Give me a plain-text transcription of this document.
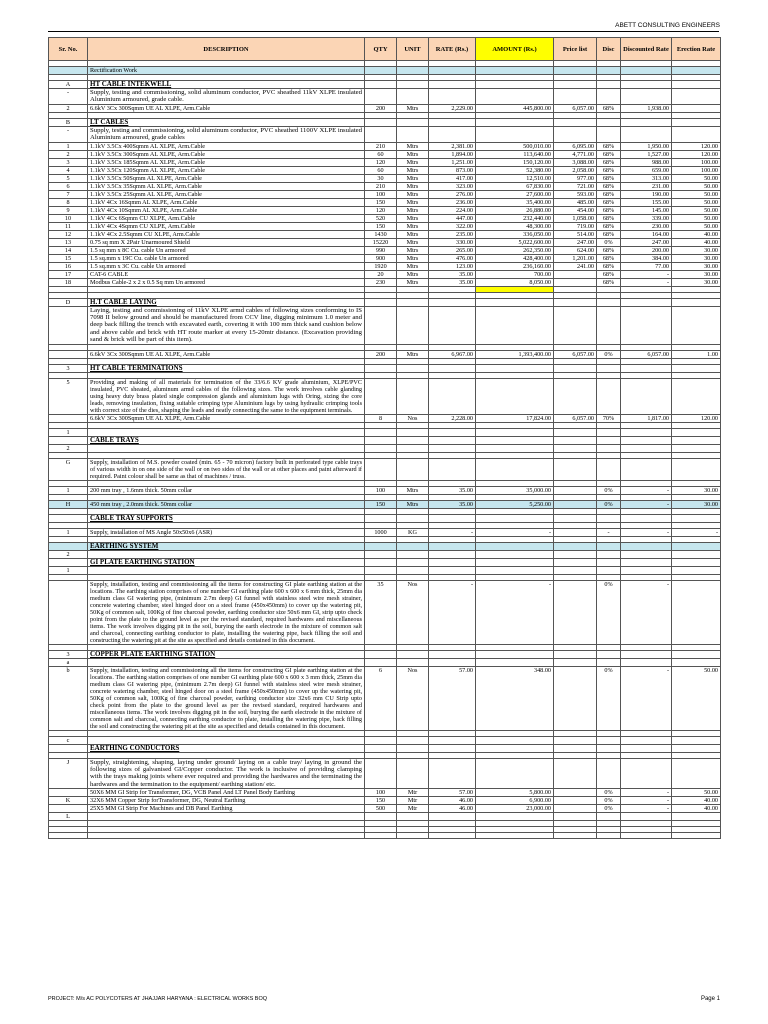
ABETT CONSULTING ENGINEERS
Sr. No.	DESCRIPTION	QTY	UNIT	RATE (Rs.)	AMOUNT (Rs.)	Price list	Disc	Discounted Rate	Erection Rate

	Rectification Work								

A	HT CABLE INTEKWELL								
-	Supply, testing and commissioning, solid aluminum conductor, PVC sheathed 11kV XLPE insulated Aluminium armoured, grade cable.								
2	6.6kV 3Cx 300Sqmm UE AL XLPE, Arm.Cable	200	Mtrs	2,229.00	445,800.00	6,057.00	68%	1,938.00	

B	LT CABLES								
-	Supply, testing and commissioning, solid aluminum conductor, PVC sheathed 1100V XLPE insulated Aluminium armoured, grade cables								
1	1.1kV 3.5Cx 400Sqmm AL XLPE, Arm.Cable	210	Mtrs	2,381.00	500,010.00	6,095.00	68%	1,950.00	120.00
2	1.1kV 3.5Cx 300Sqmm AL XLPE, Arm.Cable	60	Mtrs	1,894.00	113,640.00	4,771.00	68%	1,527.00	120.00
3	1.1kV 3.5Cx 185Sqmm AL XLPE, Arm.Cable	120	Mtrs	1,251.00	150,120.00	3,088.00	68%	988.00	100.00
4	1.1kV 3.5Cx 120Sqmm AL XLPE, Arm.Cable	60	Mtrs	873.00	52,380.00	2,058.00	68%	659.00	100.00
5	1.1kV 3.5Cx 50Sqmm AL XLPE, Arm.Cable	30	Mtrs	417.00	12,510.00	977.00	68%	313.00	50.00
6	1.1kV 3.5Cx 35Sqmm AL XLPE, Arm.Cable	210	Mtrs	323.00	67,830.00	721.00	68%	231.00	50.00
7	1.1kV 3.5Cx 25Sqmm AL XLPE, Arm.Cable	100	Mtrs	276.00	27,600.00	593.00	68%	190.00	50.00
8	1.1kV 4Cx 16Sqmm AL XLPE, Arm.Cable	150	Mtrs	236.00	35,400.00	485.00	68%	155.00	50.00
9	1.1kV 4Cx 10Sqmm AL XLPE, Arm.Cable	120	Mtrs	224.00	26,880.00	454.00	68%	145.00	50.00
10	1.1kV 4Cx 6Sqmm CU XLPE, Arm.Cable	520	Mtrs	447.00	232,440.00	1,058.00	68%	339.00	50.00
11	1.1kV 4Cx 4Sqmm CU XLPE, Arm.Cable	150	Mtrs	322.00	48,300.00	719.00	68%	230.00	50.00
12	1.1kV 4Cx 2.5Sqmm CU XLPE, Arm.Cable	1430	Mtrs	235.00	336,050.00	514.00	68%	164.00	40.00
13	0.75 sq mm X 2Pair Unarmoured Shield	15220	Mtrs	330.00	5,022,600.00	247.00	0%	247.00	40.00
14	1.5 sq mm x 8C Cu. cable Un armored	990	Mtrs	265.00	262,350.00	624.00	68%	200.00	30.00
15	1.5 sq.mm x 19C Cu. cable Un armored	900	Mtrs	476.00	428,400.00	1,201.00	68%	384.00	30.00
16	1.5 sq.mm x 3C Cu. cable Un armored	1920	Mtrs	123.00	236,160.00	241.00	68%	77.00	30.00
17	CAT-6 CABLE	20	Mtrs	35.00	700.00		68%	-	30.00
18	Modbus Cable-2 x 2 x 0.5 Sq mm Un armored	230	Mtrs	35.00	8,050.00		68%	-	30.00

D	H.T CABLE LAYING								
	Laying, testing and commissioning of 11kV XLPE armd cables of following sizes conforming to IS 7098 II below ground and should be manufactured from CCV line, digging minimum 1.0 meter and deep back filling the trench with excavated earth, covering it with 100 mm thick sand cushion below and above cable and brick with HT route marker at every 15-20mtr distance. (Excavation providing sand & brick will be part of this item).								

	6.6kV 3Cx 300Sqmm UE AL XLPE, Arm.Cable	200	Mtrs	6,967.00	1,393,400.00	6,057.00	0%	6,057.00	1.00

3	HT CABLE TERMINATIONS								

5	Providing and making of all materials for termination of the 33/6.6 KV grade aluminium, XLPE/PVC insulated, PVC sheated, aluminum armd cables of the following sizes. The work involves cable glanding using heavy duty brass plated single compression glands and aluminium lugs with Oring, sizing the core leads, removing insulation, fixing suitable crimping type Aluminium lugs by using hydraulic crimping tools with correct size of the dies, shaping the leads and neatly connecting the same to the equipment terminals.								
	6.6kV 3Cx 300Sqmm UE AL XLPE, Arm.Cable	8	Nos	2,228.00	17,824.00	6,057.00	70%	1,817.00	120.00

1									
	CABLE TRAYS								
2									

G	Supply, installation of M.S. powder coated (min. 65 - 70 micron) factory built in perforated type cable trays of various width in on one side of the wall or on two sides of the wall or at other places and paint afterward if required. Paint colour shall be same as that of machines / truss.								

1	200 mm tray , 1.6mm thick. 50mm collar	100	Mtrs	35.00	35,000.00		0%	-	30.00

H	450 mm tray , 2.0mm thick. 50mm collar	150	Mtrs	35.00	5,250.00		0%	-	30.00

	CABLE TRAY SUPPORTS								

1	Supply, installation of MS Angle 50x50x6 (ASR)	1000	KG	-	-		-	-	-

	EARTHING SYSTEM								
2									
	GI PLATE EARTHING STATION								
1									

	Supply, installation, testing and commissioning all the items for constructing GI plate earthing station at the locations. The earthing station comprises of one number GI earthing plate 600 x 600 x 6 mm thick, 25mm dia medium class GI watering pipe, (minimum 2.7m deep) GI funnel with stainless steel wire mesh strainer, concrete watering chamber, steel hinged door on a steel frame (450x450mm) to cover up the watering pit, 50Kg of common salt, 100Kg of fine charcoal powder, earthing conductor size 50x6 mm GI, strip upto check point from the plate to the ground level as per the revised standard, required hardwares and miscellaneous items. The work involves digging pit in the soil, burying the earth electrode in the mixture of common salt and charcoal, connecting earthing conductor to plate, installing the watering pipe, back filling the soil and constructing the watering pit at the site as specified and details contained in this document.	35	Nos	-	-		0%	-	

3	COPPER PLATE EARTHING STATION								
a									
b	Supply, installation, testing and commissioning all the items for constructing GI plate earthing station at the locations. The earthing station comprises of one number GI earthing plate 600 x 600 x 3 mm thick, 25mm dia medium class GI watering pipe, (minimum 2.7m deep) GI funnel with stainless steel wire mesh strainer, concrete watering chamber, steel hinged door on a steel frame (450x450mm) to cover up the watering pit, 50Kg of common salt, 100Kg of fine charcoal powder, earthing conductor size 32x6 mm CU Strip upto check point from the plate to the ground level as per the revised standard, required hardwares and miscellaneous items. The work involves digging pit in the soil, burying the earth electrode in the mixture of common salt and charcoal, connecting earthing conductor to plate, installing the watering pipe, back filling the soil and constructing the watering pit at the site as specified and details contained in this document.	6	Nos	57.00	348.00		0%	-	50.00

c									
	EARTHING CONDUCTORS								

J	Supply, straightening, shaping, laying under ground/ laying on a cable tray/ laying in ground the following sizes of galvanised GI/Copper conductor. The work is inclusive of providing clamping with the trays making joints where ever required and providing the hardwares and the terminating the hardwares and the termination to the equipment/ earthing station/ etc.								
	50X6 MM GI Strip for Transformer, DG, VCB Panel And LT Panel Body Earthing	100	Mtr	57.00	5,800.00		0%	-	50.00
K	32X6 MM Copper Strip forTransformer, DG, Neutral Earthing	150	Mtr	46.00	6,900.00		0%	-	40.00
	25X5 MM GI Strip For Machines and DB Panel Earthing	500	Mtr	46.00	23,000.00		0%	-	40.00
L									

PROJECT: M/s AC POLYCOTERS AT JHAJJAR HARYANA : ELECTRICAL WORKS BOQ	Page 1
